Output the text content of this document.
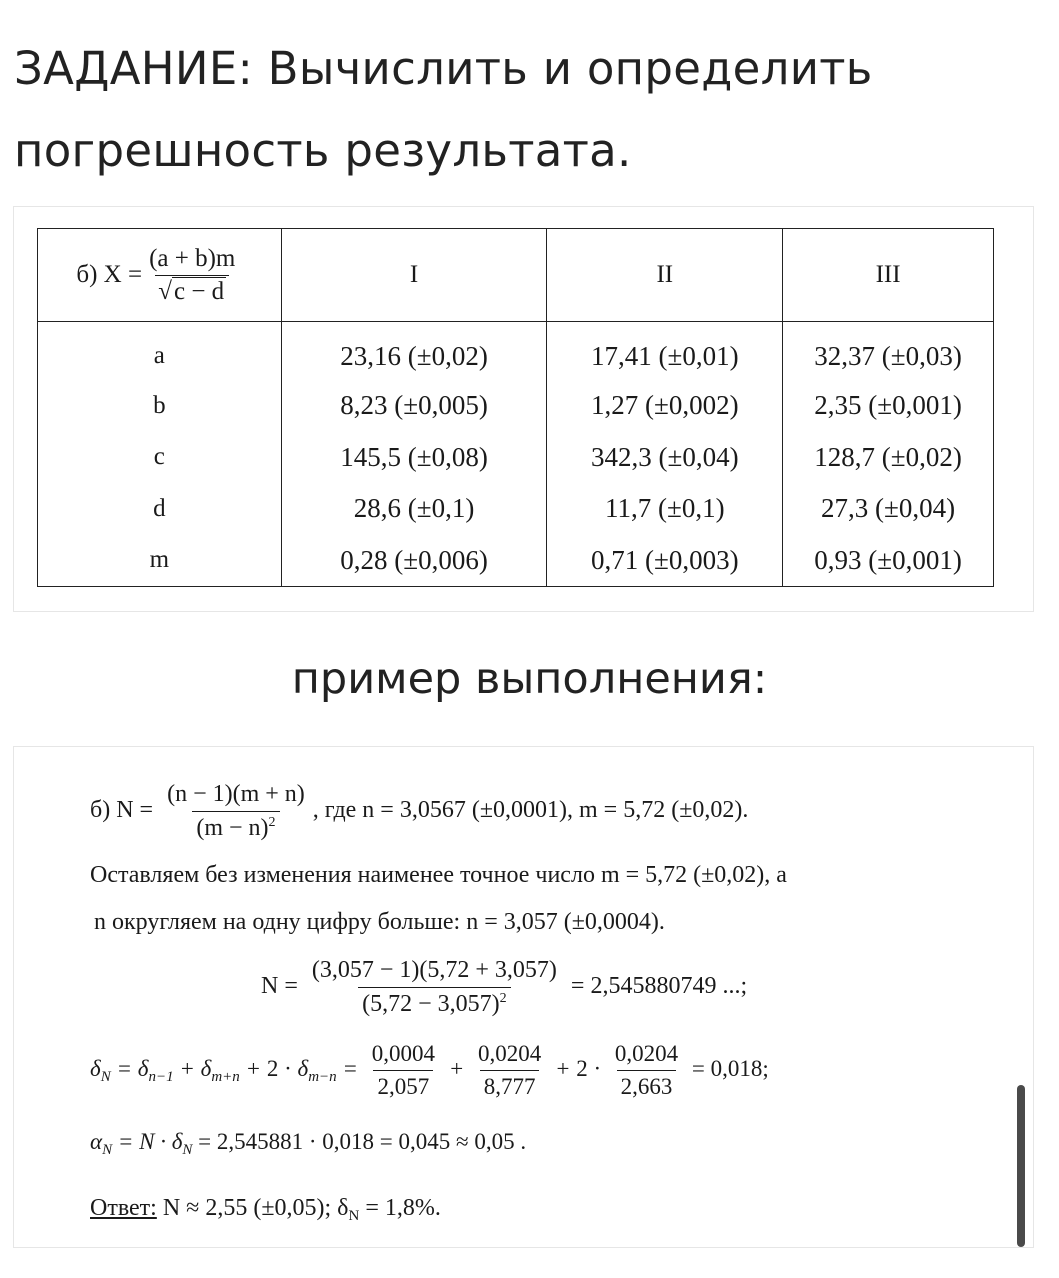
ЗАДАНИЕ: Вычислить и определить
погрешность результата.
б) $X = \frac{(a + b)m}{√c - d}$	I	II	III
a	23,16 (±0,02)	17,41 (±0,01)	32,37 (±0,03)
b	8,23 (±0,005)	1,27 (±0,002)	2,35 (±0,001)
c	145,5 (±0,08)	342,3 (±0,04)	128,7 (±0,02)
d	28,6 (±0,1)	11,7 (±0,1)	27,3 (±0,04)
m	0,28 (±0,006)	0,71 (±0,003)	0,93 (±0,001)
пример выполнения:
б) $N = \frac{(n - 1)(m + n)}{(m - n)^2}$ , где n = 3,0567 (±0,0001), m = 5,72 (±0,02).
Оставляем без изменения наименее точное число m = 5,72 (±0,02), а
n округляем на одну цифру больше: n = 3,057 (±0,0004).
$N = \frac{(3,057 - 1)(5,72 + 3,057)}{(5,72 - 3,057)^2} = 2,545880749$ ...;
$\delta_N = \delta_{n-1} + \delta_{m+n} + 2 \cdot \delta_{m-n} = \frac{0,0004}{2,057} + \frac{0,0204}{8,777} + 2 \cdot \frac{0,0204}{2,663} = 0,018$;
$\alpha_N = N \cdot \delta_N = 2,545881 \cdot 0,018 = 0,045 \approx 0,05$ .
Ответ: N ≈ 2,55 (±0,05); $\delta_N = 1,8\%$.
